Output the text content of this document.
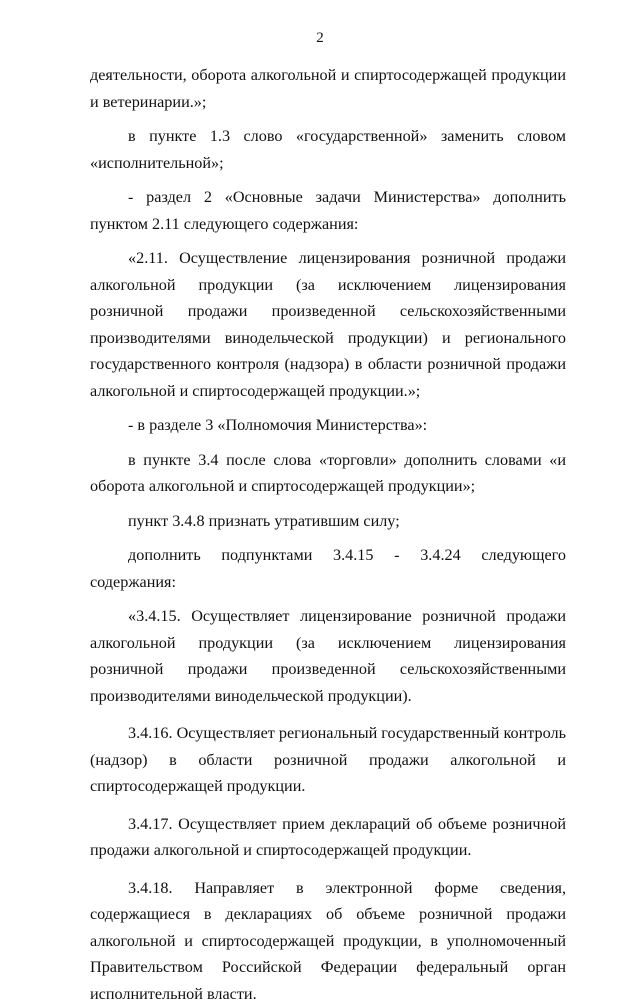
2

деятельности, оборота алкогольной и спиртосодержащей продукции и ветеринарии.»;

в пункте 1.3 слово «государственной» заменить словом «исполнительной»;

- раздел 2 «Основные задачи Министерства» дополнить пунктом 2.11 следующего содержания:

«2.11. Осуществление лицензирования розничной продажи алкогольной продукции (за исключением лицензирования розничной продажи произведенной сельскохозяйственными производителями винодельческой продукции) и регионального государственного контроля (надзора) в области розничной продажи алкогольной и спиртосодержащей продукции.»;

- в разделе 3 «Полномочия Министерства»:

в пункте 3.4 после слова «торговли» дополнить словами «и оборота алкогольной и спиртосодержащей продукции»;

пункт 3.4.8 признать утратившим силу;

дополнить подпунктами 3.4.15 - 3.4.24 следующего содержания:

«3.4.15. Осуществляет лицензирование розничной продажи алкогольной продукции (за исключением лицензирования розничной продажи произведенной сельскохозяйственными производителями винодельческой продукции).

3.4.16. Осуществляет региональный государственный контроль (надзор) в области розничной продажи алкогольной и спиртосодержащей продукции.

3.4.17. Осуществляет прием деклараций об объеме розничной продажи алкогольной и спиртосодержащей продукции.

3.4.18. Направляет в электронной форме сведения, содержащиеся в декларациях об объеме розничной продажи алкогольной и спиртосодержащей продукции, в уполномоченный Правительством Российской Федерации федеральный орган исполнительной власти.
